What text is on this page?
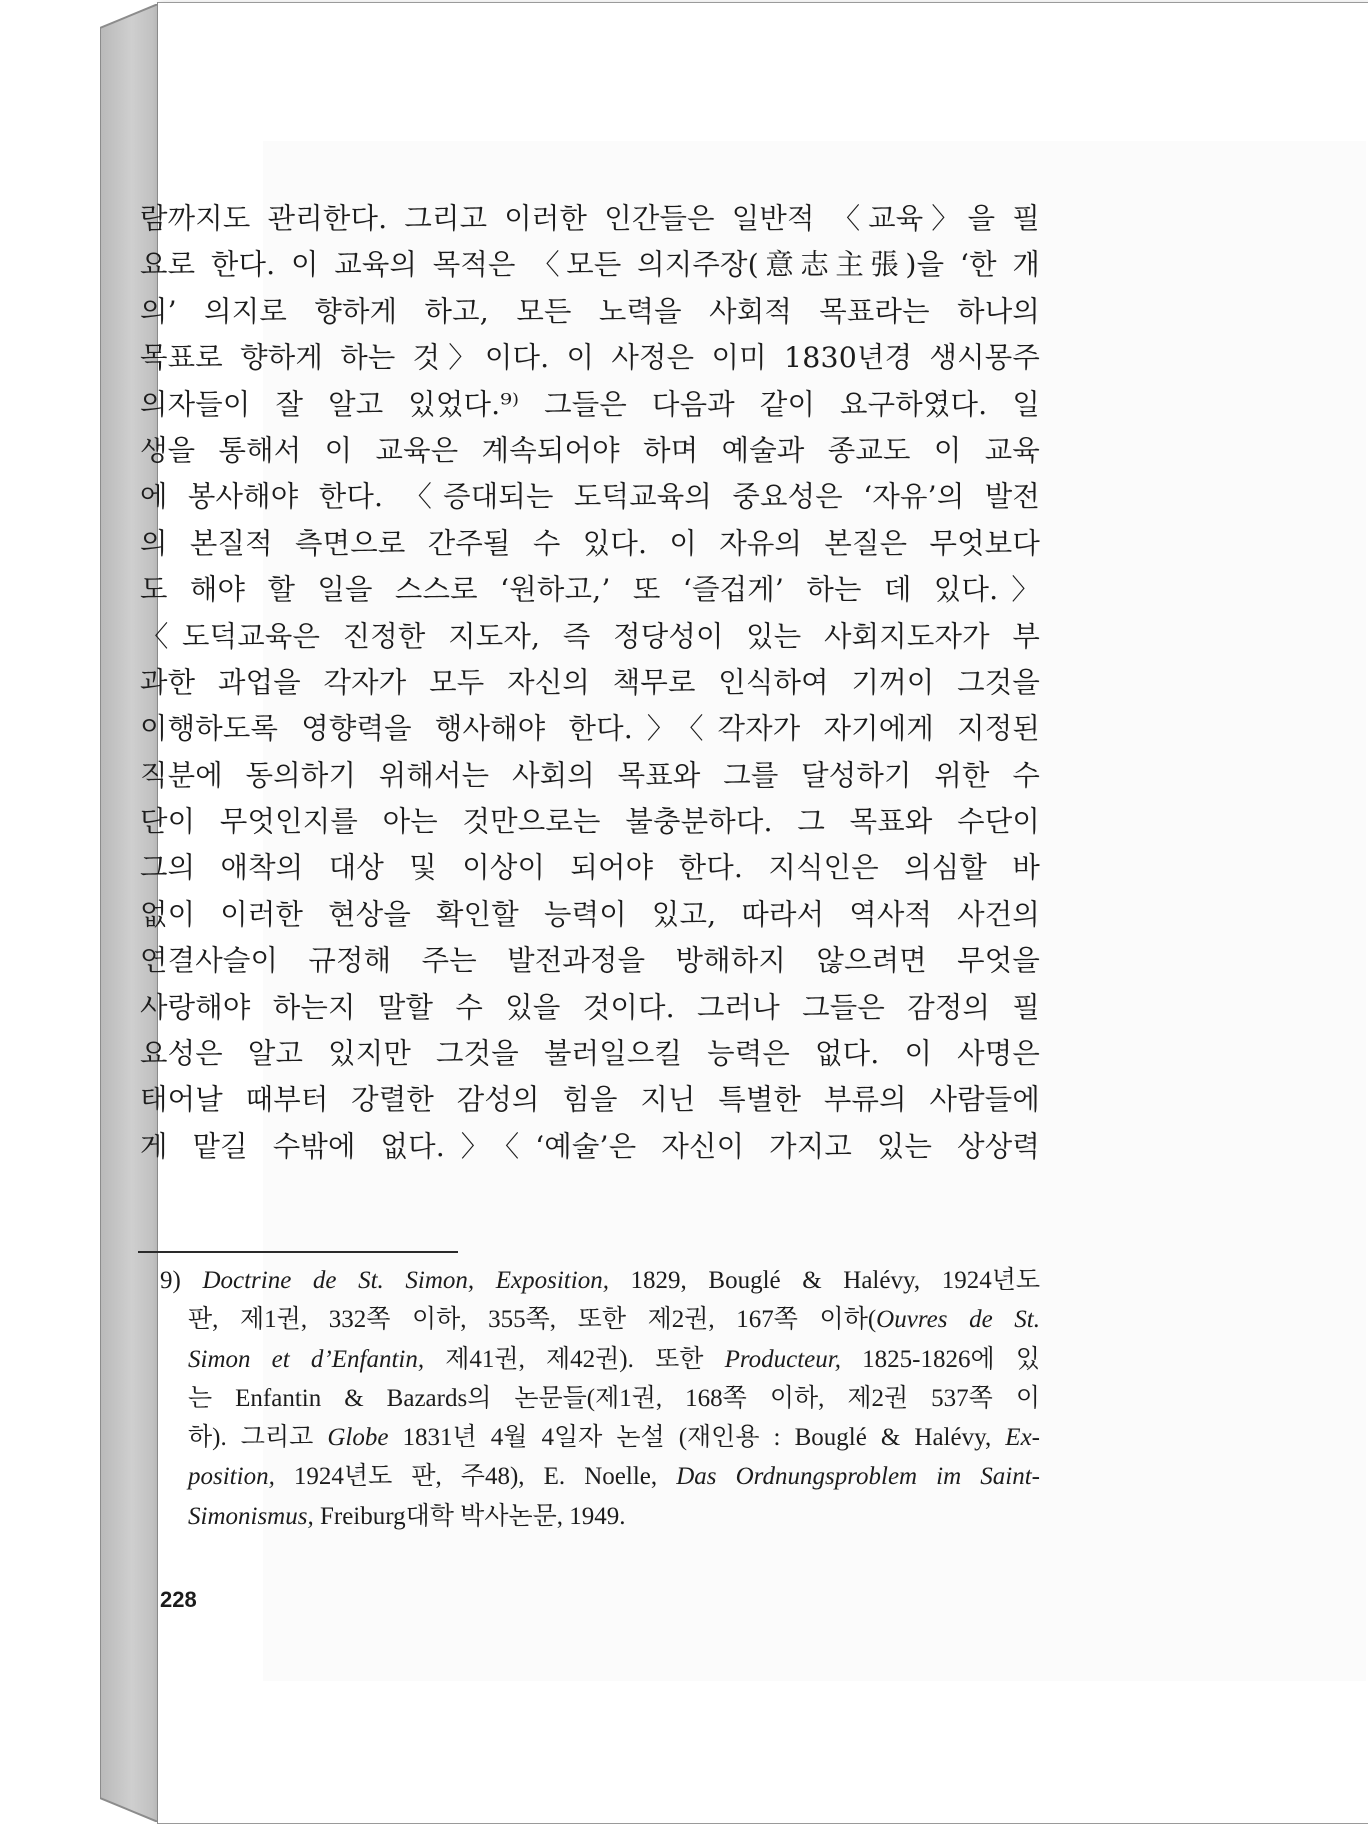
람까지도 관리한다. 그리고 이러한 인간들은 일반적 〈교육〉을 필
요로 한다. 이 교육의 목적은 〈모든 의지주장(意志主張)을 ‘한 개
의’ 의지로 향하게 하고, 모든 노력을 사회적 목표라는 하나의
목표로 향하게 하는 것〉이다. 이 사정은 이미 1830년경 생시몽주
의자들이 잘 알고 있었다.⁹⁾ 그들은 다음과 같이 요구하였다. 일
생을 통해서 이 교육은 계속되어야 하며 예술과 종교도 이 교육
에 봉사해야 한다. 〈증대되는 도덕교육의 중요성은 ‘자유’의 발전
의 본질적 측면으로 간주될 수 있다. 이 자유의 본질은 무엇보다
도 해야 할 일을 스스로 ‘원하고,’ 또 ‘즐겁게’ 하는 데 있다.〉
〈도덕교육은 진정한 지도자, 즉 정당성이 있는 사회지도자가 부
과한 과업을 각자가 모두 자신의 책무로 인식하여 기꺼이 그것을
이행하도록 영향력을 행사해야 한다.〉〈각자가 자기에게 지정된
직분에 동의하기 위해서는 사회의 목표와 그를 달성하기 위한 수
단이 무엇인지를 아는 것만으로는 불충분하다. 그 목표와 수단이
그의 애착의 대상 및 이상이 되어야 한다. 지식인은 의심할 바
없이 이러한 현상을 확인할 능력이 있고, 따라서 역사적 사건의
연결사슬이 규정해 주는 발전과정을 방해하지 않으려면 무엇을
사랑해야 하는지 말할 수 있을 것이다. 그러나 그들은 감정의 필
요성은 알고 있지만 그것을 불러일으킬 능력은 없다. 이 사명은
태어날 때부터 강렬한 감성의 힘을 지닌 특별한 부류의 사람들에
게 맡길 수밖에 없다.〉〈‘예술’은 자신이 가지고 있는 상상력
9) Doctrine de St. Simon, Exposition, 1829, Bouglé & Halévy, 1924년도
판, 제1권, 332쪽 이하, 355쪽, 또한 제2권, 167쪽 이하(Ouvres de St.
Simon et d’Enfantin, 제41권, 제42권). 또한 Producteur, 1825-1826에 있
는 Enfantin & Bazards의 논문들(제1권, 168쪽 이하, 제2권 537쪽 이
하). 그리고 Globe 1831년 4월 4일자 논설 (재인용 : Bouglé & Halévy, Ex-
position, 1924년도 판, 주48), E. Noelle, Das Ordnungsproblem im Saint-
Simonismus, Freiburg대학 박사논문, 1949.
228
